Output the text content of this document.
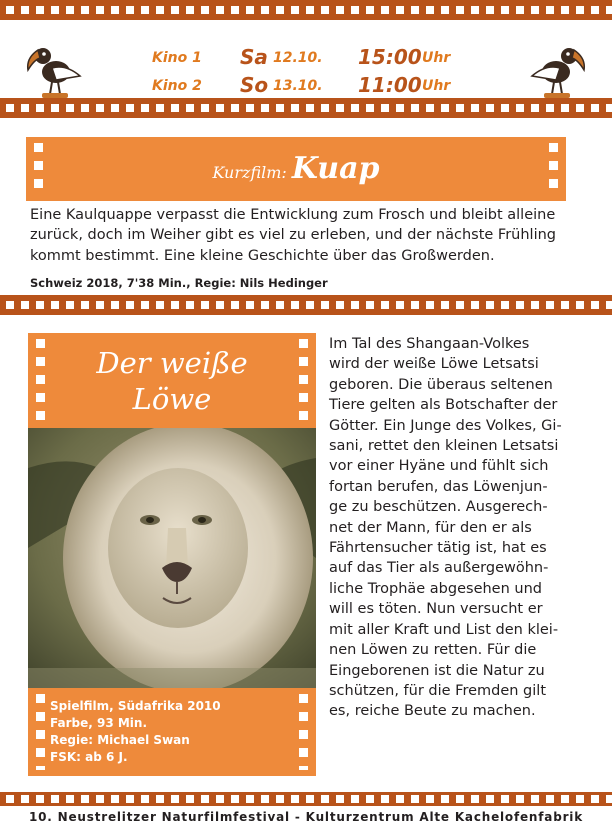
Kino 1 Sa 12.10. 15:00 Uhr
Kino 2 So 13.10. 11:00 Uhr
Kurzfilm: Kuap
Eine Kaulquappe verpasst die Entwicklung zum Frosch und bleibt alleine zurück, doch im Weiher gibt es viel zu erleben, und der nächste Frühling kommt bestimmt. Eine kleine Geschichte über das Großwerden.
Schweiz 2018, 7'38 Min., Regie: Nils Hedinger
Der weiße
Löwe
Spielfilm, Südafrika 2010
Farbe, 93 Min.
Regie: Michael Swan
FSK: ab 6 J.
Im Tal des Shangaan-Volkes
wird der weiße Löwe Letsatsi
geboren. Die überaus seltenen
Tiere gelten als Botschafter der
Götter. Ein Junge des Volkes, Gi-
sani, rettet den kleinen Letsatsi
vor einer Hyäne und fühlt sich
fortan berufen, das Löwenjun-
ge zu beschützen. Ausgerech-
net der Mann, für den er als
Fährtensucher tätig ist, hat es
auf das Tier als außergewöhn-
liche Trophäe abgesehen und
will es töten. Nun versucht er
mit aller Kraft und List den klei-
nen Löwen zu retten. Für die
Eingeborenen ist die Natur zu
schützen, für die Fremden gilt
es, reiche Beute zu machen.
10. Neustrelitzer Naturfilmfestival - Kulturzentrum Alte Kachelofenfabrik
